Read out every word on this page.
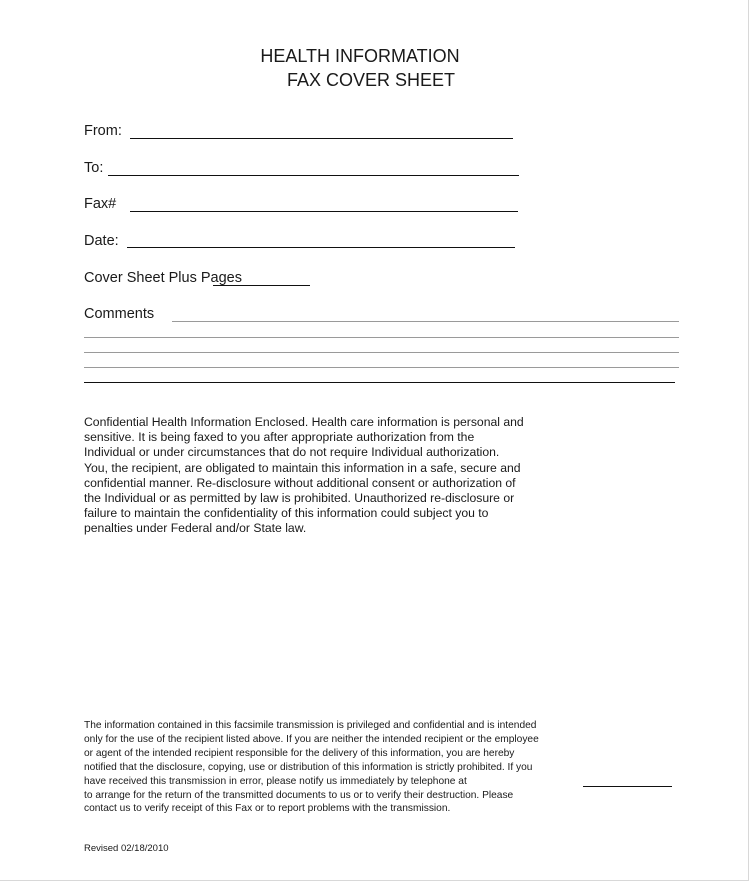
HEALTH INFORMATION
FAX COVER SHEET
From:
To:
Fax#
Date:
Cover Sheet Plus Pages
Comments

Confidential Health Information Enclosed. Health care information is personal and

sensitive. It is being faxed to you after appropriate authorization from the

Individual or under circumstances that do not require Individual authorization.

You, the recipient, are obligated to maintain this information in a safe, secure and

confidential manner. Re-disclosure without additional consent or authorization of

the Individual or as permitted by law is prohibited. Unauthorized re-disclosure or

failure to maintain the confidentiality of this information could subject you to

penalties under Federal and/or State law.

The information contained in this facsimile transmission is privileged and confidential and is intended

only for the use of the recipient listed above. If you are neither the intended recipient or the employee

or agent of the intended recipient responsible for the delivery of this information, you are hereby

notified that the disclosure, copying, use or distribution of this information is strictly prohibited. If you

have received this transmission in error, please notify us immediately by telephone at

to arrange for the return of the transmitted documents to us or to verify their destruction. Please

contact us to verify receipt of this Fax or to report problems with the transmission.

Revised 02/18/2010
